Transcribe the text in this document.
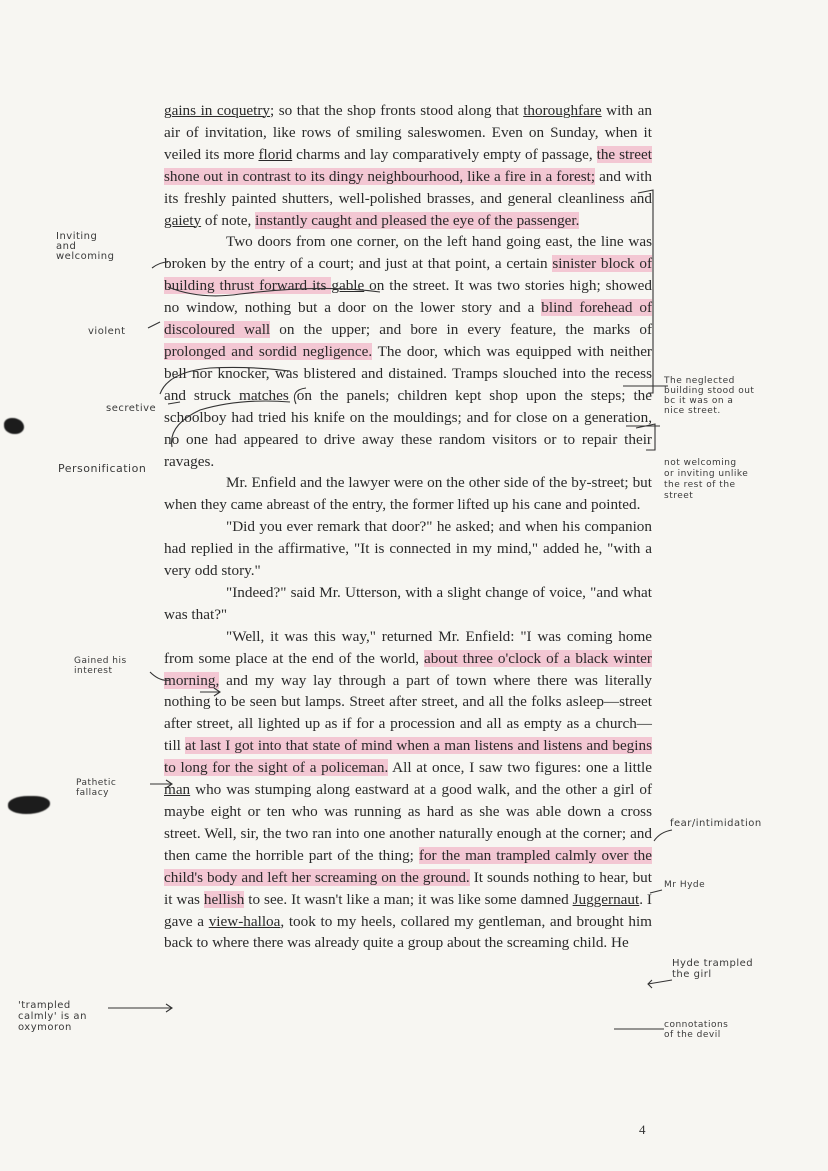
gains in coquetry; so that the shop fronts stood along that thoroughfare with an air of invitation, like rows of smiling saleswomen. Even on Sunday, when it veiled its more florid charms and lay comparatively empty of passage, the street shone out in contrast to its dingy neighbourhood, like a fire in a forest; and with its freshly painted shutters, well-polished brasses, and general cleanliness and gaiety of note, instantly caught and pleased the eye of the passenger.

Two doors from one corner, on the left hand going east, the line was broken by the entry of a court; and just at that point, a certain sinister block of building thrust forward its gable on the street. It was two stories high; showed no window, nothing but a door on the lower story and a blind forehead of discoloured wall on the upper; and bore in every feature, the marks of prolonged and sordid negligence. The door, which was equipped with neither bell nor knocker, was blistered and distained. Tramps slouched into the recess and struck matches on the panels; children kept shop upon the steps; the schoolboy had tried his knife on the mouldings; and for close on a generation, no one had appeared to drive away these random visitors or to repair their ravages.

Mr. Enfield and the lawyer were on the other side of the by-street; but when they came abreast of the entry, the former lifted up his cane and pointed.

"Did you ever remark that door?" he asked; and when his companion had replied in the affirmative, "It is connected in my mind," added he, "with a very odd story."

"Indeed?" said Mr. Utterson, with a slight change of voice, "and what was that?"

"Well, it was this way," returned Mr. Enfield: "I was coming home from some place at the end of the world, about three o'clock of a black winter morning, and my way lay through a part of town where there was literally nothing to be seen but lamps. Street after street, and all the folks asleep—street after street, all lighted up as if for a procession and all as empty as a church—till at last I got into that state of mind when a man listens and listens and begins to long for the sight of a policeman. All at once, I saw two figures: one a little man who was stumping along eastward at a good walk, and the other a girl of maybe eight or ten who was running as hard as she was able down a cross street. Well, sir, the two ran into one another naturally enough at the corner; and then came the horrible part of the thing; for the man trampled calmly over the child's body and left her screaming on the ground. It sounds nothing to hear, but it was hellish to see. It wasn't like a man; it was like some damned Juggernaut. I gave a view-halloa, took to my heels, collared my gentleman, and brought him back to where there was already quite a group about the screaming child. He

Inviting
and
welcoming
violent
secretive
The neglected
building stood out
bc it was on a
nice street.
Personification	not welcoming
or inviting unlike
the rest of the
street
Gained his
interest
Pathetic
fallacy
fear/intimidation
Mr Hyde
Hyde trampled
the girl
'trampled
calmly' is an
oxymoron	connotations
of the devil
4
